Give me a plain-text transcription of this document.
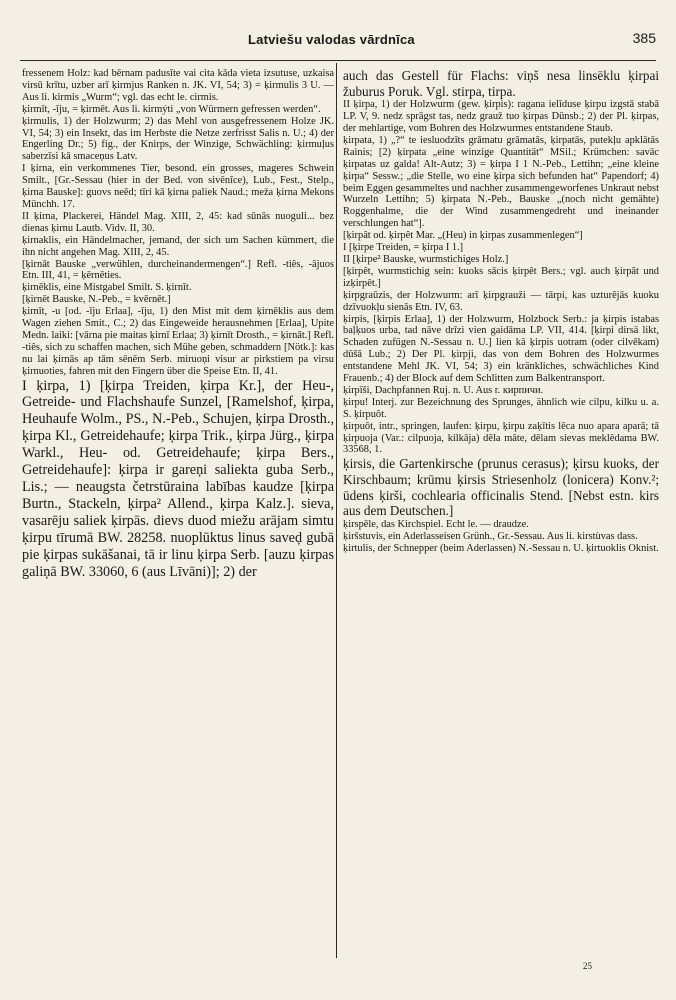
Latviešu valodas vārdnīca	385

fressenem Holz: kad bērnam padusīte vai cita kāda vieta izsutuse, uzkaisa virsū krītu, uzber arī ķirmjus Ranken n. JK. VI, 54; 3) = ķirmulis 3 U. — Aus li. kirmis „Wurm“; vgl. das echt le. cirmis.

ķirmīt, -īju, = ķirmēt. Aus li. kirmýti „von Würmern gefressen werden“.

ķirmulis, 1) der Holzwurm; 2) das Mehl von ausgefressenem Holze JK. VI, 54; 3) ein Insekt, das im Herbste die Netze zerfrisst Salis n. U.; 4) der Engerling Dr.; 5) fig., der Knirps, der Winzige, Schwächling: ķirmuļus saberzīsi kā smaceņus Latv.

I ķirna, ein verkommenes Tier, besond. ein grosses, mageres Schwein Smilt., [Gr.-Sessau (hier in der Bed. von sivēnīce), Lub., Fest., Stelp., ķirna Bauske]: guovs neēd; tīri kā ķirna paliek Naud.; meža ķirna Mekons Münchh. 17.

II ķirna, Plackerei, Händel Mag. XIII, 2, 45: kad sūnās nuoguli... bez dienas ķirnu Lautb. Vidv. II, 30.

ķirnaklis, ein Händelmacher, jemand, der sich um Sachen kümmert, die ihn nicht angehen Mag. XIII, 2, 45.

[ķirnāt Bauske „verwühlen, durcheinandermengen“.] Refl. -tiês, -ājuos Etn. III, 41, = ķērnēties.

ķirnēklis, eine Mistgabel Smilt. S. ķirnīt.

[ķirnēt Bauske, N.-Peb., = kvērnēt.]

ķirnīt, -u [od. -īju Erlaa], -īju, 1) den Mist mit dem ķirnēklis aus dem Wagen ziehen Smit., C.; 2) das Eingeweide herausnehmen [Erlaa], Upite Medn. laiki: [vārna pie maitas ķirnī Erlaa; 3) ķirnīt Drosth., = ķirnāt.] Refl. -tiês, sich zu schaffen machen, sich Mühe geben, schmaddern [Nötk.]: kas nu lai ķirnās ap tām sēnēm Serb. miruoņi visur ar pirkstiem pa virsu ķirnuoties, fahren mit den Fingern über die Speise Etn. II, 41.

I ķirpa, 1) [ķirpa Treiden, ķirpa Kr.], der Heu-, Getreide- und Flachshaufe Sunzel, [Ramelshof, ķirpa, Heuhaufe Wolm., PS., N.-Peb., Schujen, ķirpa Drosth., ķirpa Kl., Getreidehaufe; ķirpa Trik., ķirpa Jürg., ķirpa Warkl., Heu- od. Getreidehaufe; ķirpa Bers., Getreidehaufe]: ķirpa ir gareņi saliekta guba Serb., Lis.; — neaugsta četrstūraina labības kaudze [ķirpa Burtn., Stackeln, ķirpa² Allend., ķirpa Kalz.]. sieva, vasarēju saliek ķirpās. dievs duod miežu arājam simtu ķirpu tīrumā BW. 28258. nuoplūktus linus saveḑ gubā pie ķirpas sukāšanai, tā ir linu ķirpa Serb. [auzu ķirpas galiņā BW. 33060, 6 (aus Līvāni)]; 2) der

auch das Gestell für Flachs: viņš nesa linsēklu ķirpai žuburus Poruk. Vgl. stirpa, tirpa.

II ķirpa, 1) der Holzwurm (gew. ķirpis): ragana ielīduse ķirpu izgstā stabā LP. V, 9. nedz sprāgst tas, nedz grauž tuo ķirpas Dünsb.; 2) der Pl. ķirpas, der mehlartige, vom Bohren des Holzwurmes entstandene Staub.

ķirpata, 1) „?“ te iesluodzīts grāmatu grāmatās, ķirpatās, putekļu apklātās Rainis; [2) ķirpata „eine winzige Quantität“ MSil.; Krümchen: savāc ķirpatas uz galda! Alt-Autz; 3) = ķirpa I 1 N.-Peb., Lettihn; „eine kleine ķirpa“ Sessw.; „die Stelle, wo eine ķirpa sich befunden hat“ Papendorf; 4) beim Eggen gesammeltes und nachher zusammengeworfenes Unkraut nebst Wurzeln Lettihn; 5) ķirpata N.-Peb., Bauske „(noch nicht gemähte) Roggenhalme, die der Wind zusammengedreht und ineinander verschlungen hat“].

[ķirpât od. ķirpêt Mar. „(Heu) in ķirpas zusammenlegen“]

I [ķirpe Treiden, = ķirpa I 1.]

II [ķirpe² Bauske, wurmstichiges Holz.]

[ķirpêt, wurmstichig sein: kuoks sācis ķirpêt Bers.; vgl. auch ķirpât und izķirpêt.]

ķirpgraûzis, der Holzwurm: arī ķirpgrauži — tārpi, kas uzturējās kuoku dzīvuokļu sienās Etn. IV, 63.

ķirpis, [ķirpis Erlaa], 1) der Holzwurm, Holzbock Serb.: ja ķirpis istabas baļķuos urba, tad nāve drīzi vien gaidāma LP. VII, 414. [ķirpi dirsā likt, Schaden zufügen N.-Sessau n. U.] lien kā ķirpis uotram (oder cilvēkam) dūšā Lub.; 2) Der Pl. ķirpji, das von dem Bohren des Holzwurmes entstandene Mehl JK. VI, 54; 3) ein kränkliches, schwächliches Kind Frauenb.; 4) der Block auf dem Schlitten zum Balkentransport.

ķirpīši, Dachpfannen Ruj. n. U. Aus r. кирпичи.

ķirpu! Interj. zur Bezeichnung des Sprunges, ähnlich wie cilpu, kilku u. a. S. ķirpuôt.

ķirpuôt, intr., springen, laufen: ķirpu, ķirpu zaķītis lēca nuo apara aparā; tā ķirpuoja (Var.: cilpuoja, kilkāja) dēla māte, dēlam sievas meklēdama BW. 33568, 1.

ķirsis, die Gartenkirsche (prunus cerasus); ķirsu kuoks, der Kirschbaum; krūmu ķirsis Striesenholz (lonicera) Konv.²; ūdens ķirši, cochlearia officinalis Stend. [Nebst estn. kirs aus dem Deutschen.]

ķirspēle, das Kirchspiel. Echt le. — draudze.

ķiršstuvis, ein Aderlasseisen Grünh., Gr.-Sessau. Aus li. kirstùvas dass.

ķirtulis, der Schnepper (beim Aderlassen) N.-Sessau n. U. ķirtuoklis Oknist.

25
